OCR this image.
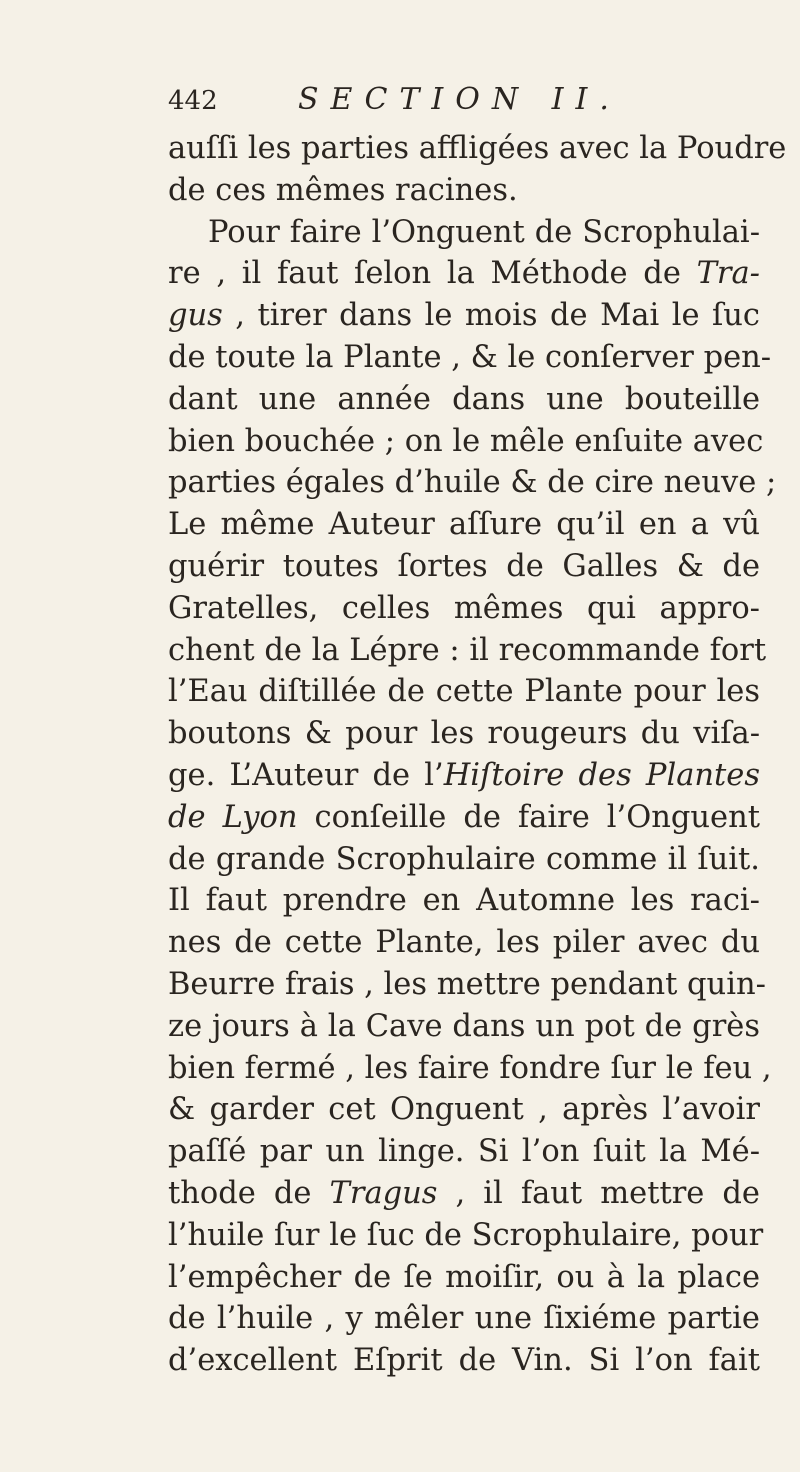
442	SECTION II.
auſſi les parties affligées avec la Poudre
de ces mêmes racines.
Pour faire l’Onguent de Scrophulai-
re , il faut ſelon la Méthode de Tra-
gus , tirer dans le mois de Mai le ſuc
de toute la Plante , & le conſerver pen-
dant une année dans une bouteille
bien bouchée ; on le mêle enſuite avec
parties égales d’huile & de cire neuve ;
Le même Auteur aſſure qu’il en a vû
guérir toutes ſortes de Galles & de
Gratelles, celles mêmes qui appro-
chent de la Lépre : il recommande fort
l’Eau diſtillée de cette Plante pour les
boutons & pour les rougeurs du viſa-
ge. L’Auteur de l’Hiſtoire des Plantes
de Lyon conſeille de faire l’Onguent
de grande Scrophulaire comme il ſuit.
Il faut prendre en Automne les raci-
nes de cette Plante, les piler avec du
Beurre frais , les mettre pendant quin-
ze jours à la Cave dans un pot de grès
bien fermé , les faire fondre ſur le feu ,
& garder cet Onguent , après l’avoir
paſſé par un linge. Si l’on ſuit la Mé-
thode de Tragus , il faut mettre de
l’huile ſur le ſuc de Scrophulaire, pour
l’empêcher de ſe moiſir, ou à la place
de l’huile , y mêler une ſixiéme partie
d’excellent Eſprit de Vin. Si l’on fait
